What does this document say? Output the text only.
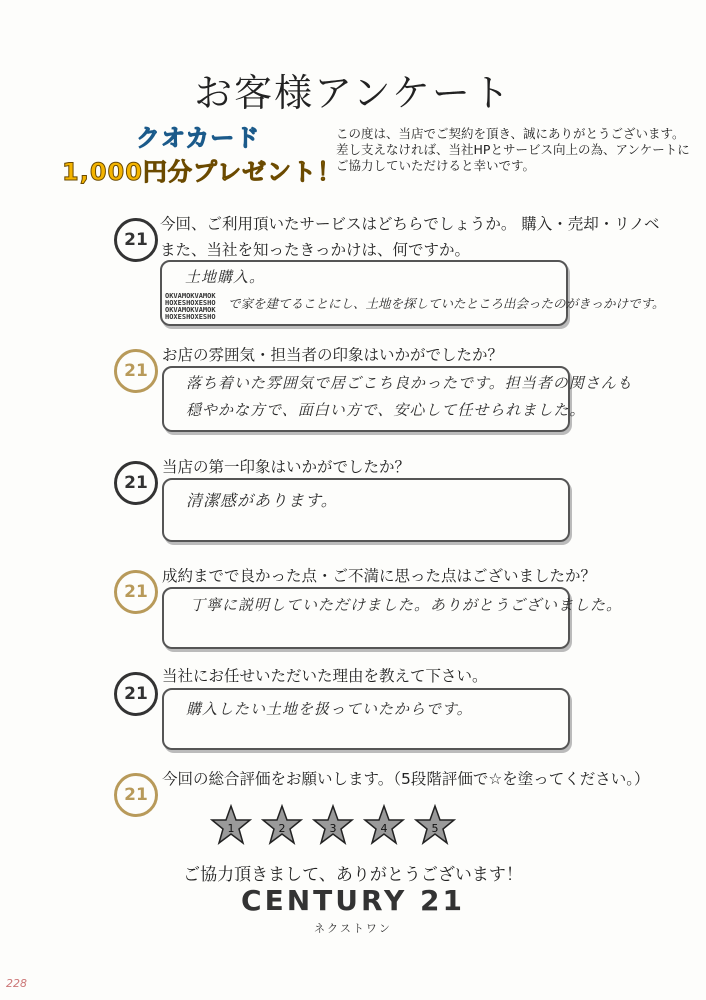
お客様アンケート
クオカード
1,000円分プレゼント！
この度は、当店でご契約を頂き、誠にありがとうございます。
差し支えなければ、当社HPとサービス向上の為、アンケートに
ご協力していただけると幸いです。
21
今回、ご利用頂いたサービスはどちらでしょうか。 購入・売却・リノベ
また、当社を知ったきっかけは、何ですか。
土地購入。
OKVAMOKVAMOK
HOXESHOXESHO
OKVAMOKVAMOK
HOXESHOXESHO
で家を建てることにし、土地を探していたところ出会ったのがきっかけです。
21
お店の雰囲気・担当者の印象はいかがでしたか？
落ち着いた雰囲気で居ごこち良かったです。担当者の関さんも
穏やかな方で、面白い方で、安心して任せられました。
21
当店の第一印象はいかがでしたか？
清潔感があります。
21
成約までで良かった点・ご不満に思った点はございましたか？
丁寧に説明していただけました。ありがとうございました。
21
当社にお任せいただいた理由を教えて下さい。
購入したい土地を扱っていたからです。
21
今回の総合評価をお願いします。（5段階評価で☆を塗ってください。）
1	2	3	4	5
ご協力頂きまして、ありがとうございます！
CENTURY 21
ネクストワン
228
